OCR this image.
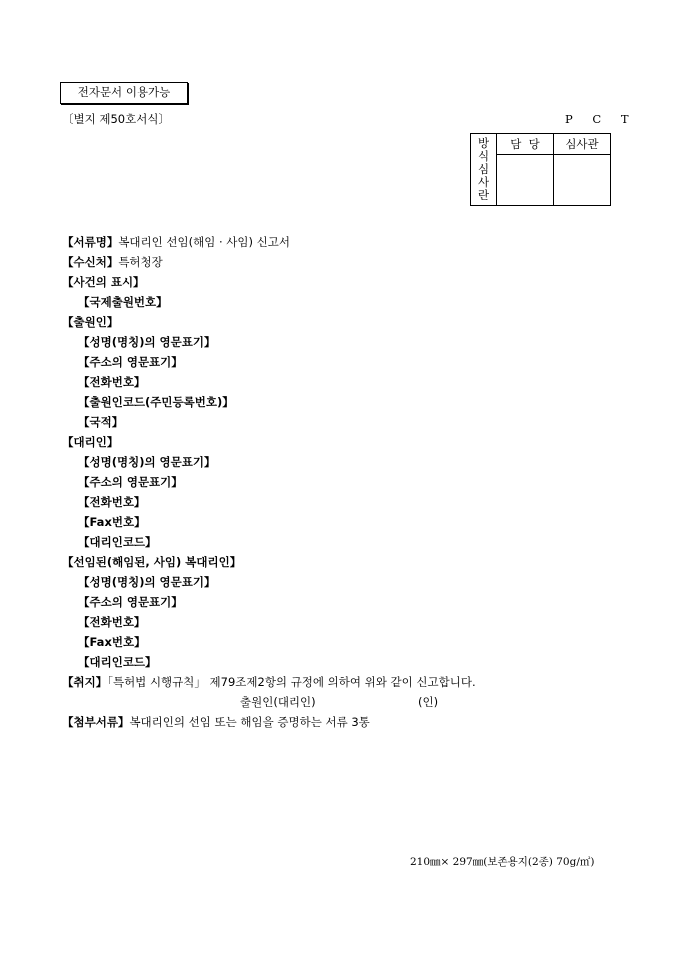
전자문서 이용가능
〔별지 제50호서식〕	P C T
방
식
심
사
란	담  당	심사관

【서류명】복대리인 선임(해임 · 사임) 신고서
【수신처】특허청장
【사건의 표시】
【국제출원번호】
【출원인】
【성명(명칭)의 영문표기】
【주소의 영문표기】
【전화번호】
【출원인코드(주민등록번호)】
【국적】
【대리인】
【성명(명칭)의 영문표기】
【주소의 영문표기】
【전화번호】
【Fax번호】
【대리인코드】
【선임된(해임된, 사임) 복대리인】
【성명(명칭)의 영문표기】
【주소의 영문표기】
【전화번호】
【Fax번호】
【대리인코드】
【취지】「특허법 시행규칙」 제79조제2항의 규정에 의하여 위와 같이 신고합니다.
출원인(대리인)	(인)
【첨부서류】복대리인의 선임 또는 해임을 증명하는 서류 3통
210㎜× 297㎜(보존용지(2종) 70g/㎡)
